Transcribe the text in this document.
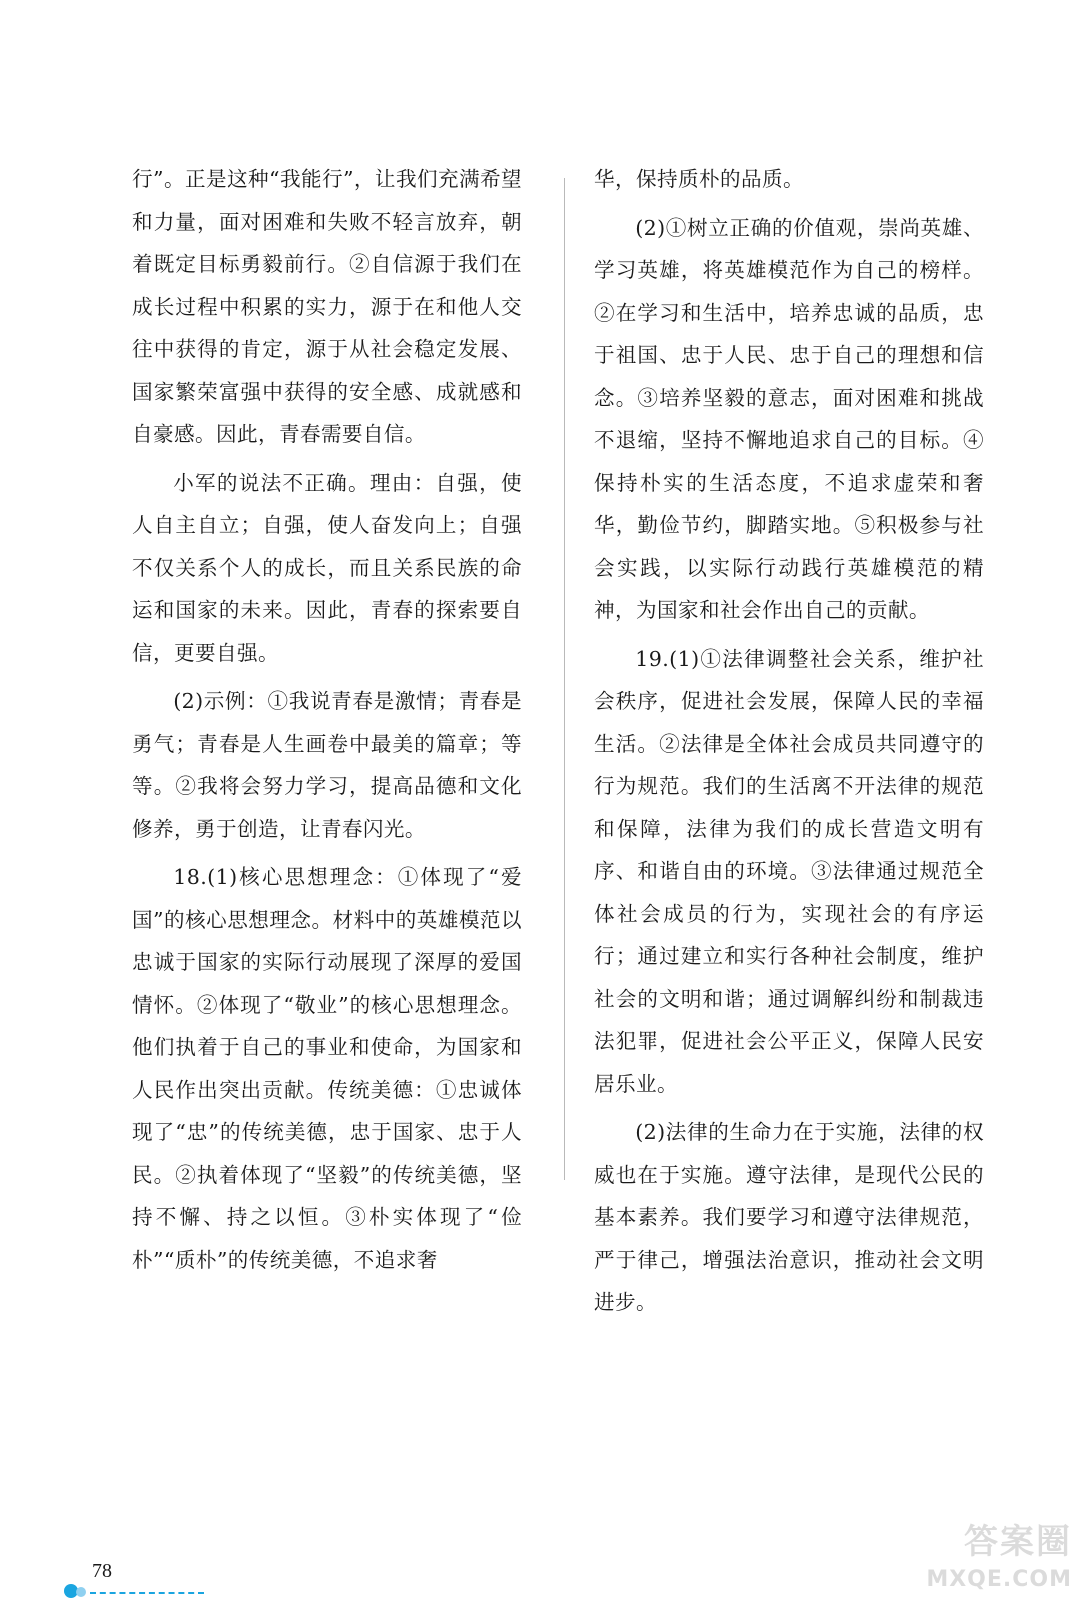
行”。正是这种“我能行”，让我们充满希望和力量，面对困难和失败不轻言放弃，朝着既定目标勇毅前行。②自信源于我们在成长过程中积累的实力，源于在和他人交往中获得的肯定，源于从社会稳定发展、国家繁荣富强中获得的安全感、成就感和自豪感。因此，青春需要自信。

小军的说法不正确。理由：自强，使人自主自立；自强，使人奋发向上；自强不仅关系个人的成长，而且关系民族的命运和国家的未来。因此，青春的探索要自信，更要自强。

(2)示例：①我说青春是激情；青春是勇气；青春是人生画卷中最美的篇章；等等。②我将会努力学习，提高品德和文化修养，勇于创造，让青春闪光。

18.(1)核心思想理念：①体现了“爱国”的核心思想理念。材料中的英雄模范以忠诚于国家的实际行动展现了深厚的爱国情怀。②体现了“敬业”的核心思想理念。他们执着于自己的事业和使命，为国家和人民作出突出贡献。传统美德：①忠诚体现了“忠”的传统美德，忠于国家、忠于人民。②执着体现了“坚毅”的传统美德，坚持不懈、持之以恒。③朴实体现了“俭朴”“质朴”的传统美德，不追求奢

华，保持质朴的品质。

(2)①树立正确的价值观，崇尚英雄、学习英雄，将英雄模范作为自己的榜样。②在学习和生活中，培养忠诚的品质，忠于祖国、忠于人民、忠于自己的理想和信念。③培养坚毅的意志，面对困难和挑战不退缩，坚持不懈地追求自己的目标。④保持朴实的生活态度，不追求虚荣和奢华，勤俭节约，脚踏实地。⑤积极参与社会实践，以实际行动践行英雄模范的精神，为国家和社会作出自己的贡献。

19.(1)①法律调整社会关系，维护社会秩序，促进社会发展，保障人民的幸福生活。②法律是全体社会成员共同遵守的行为规范。我们的生活离不开法律的规范和保障，法律为我们的成长营造文明有序、和谐自由的环境。③法律通过规范全体社会成员的行为，实现社会的有序运行；通过建立和实行各种社会制度，维护社会的文明和谐；通过调解纠纷和制裁违法犯罪，促进社会公平正义，保障人民安居乐业。

(2)法律的生命力在于实施，法律的权威也在于实施。遵守法律，是现代公民的基本素养。我们要学习和遵守法律规范，严于律己，增强法治意识，推动社会文明进步。

78
答案圈
MXQE.COM
